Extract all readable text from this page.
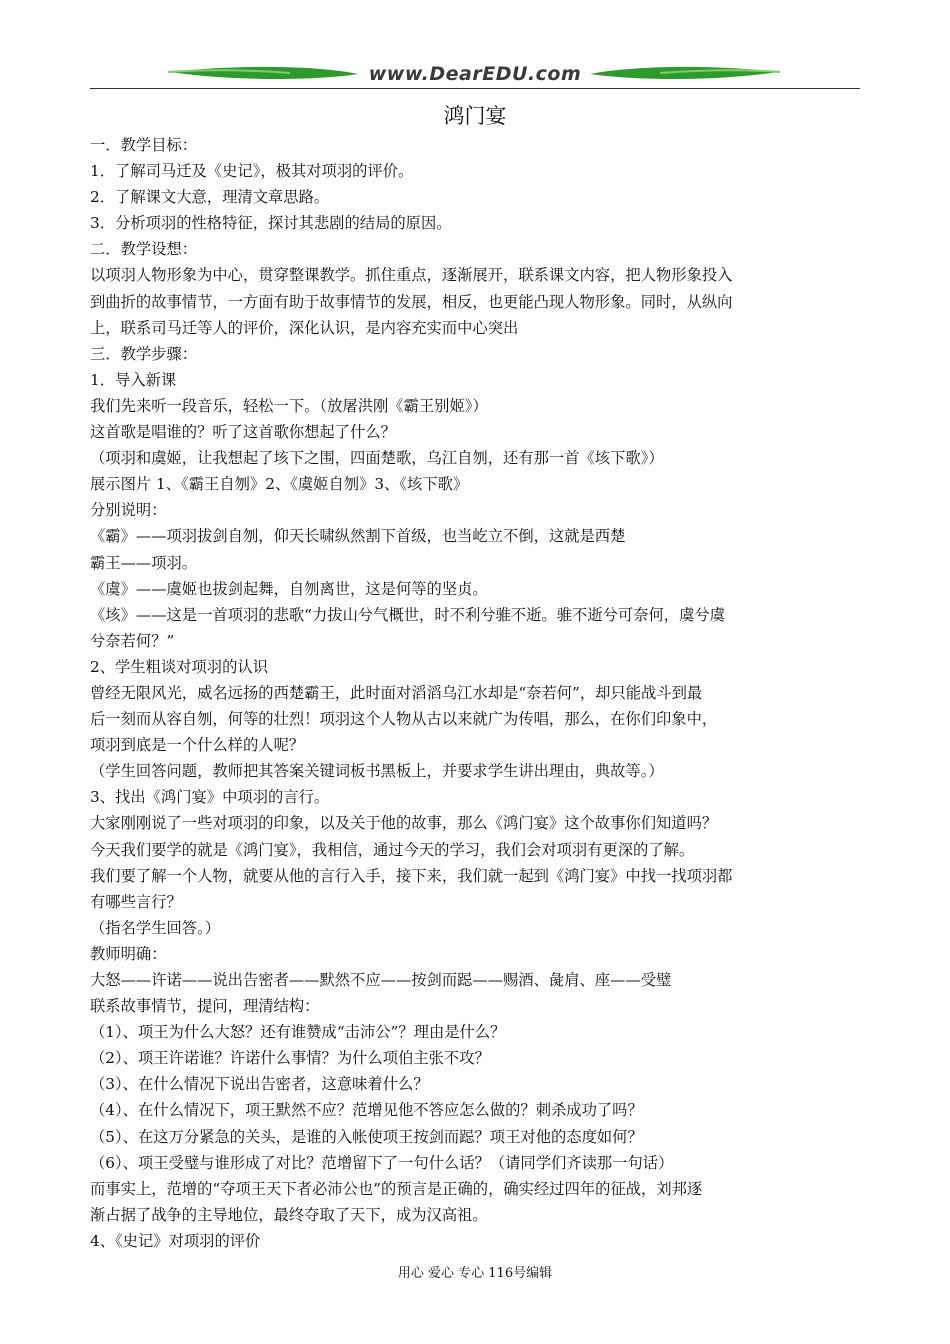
www.DearEDU.com
鸿门宴
一．教学目标：
1．了解司马迁及《史记》，极其对项羽的评价。
2．了解课文大意，理清文章思路。
3．分析项羽的性格特征，探讨其悲剧的结局的原因。
二．教学设想：
以项羽人物形象为中心，贯穿整课教学。抓住重点，逐渐展开，联系课文内容，把人物形象投入
到曲折的故事情节，一方面有助于故事情节的发展，相反，也更能凸现人物形象。同时，从纵向
上，联系司马迁等人的评价，深化认识，是内容充实而中心突出
三．教学步骤：
1．导入新课
我们先来听一段音乐，轻松一下。（放屠洪刚《霸王别姬》）
这首歌是唱谁的？听了这首歌你想起了什么？
（项羽和虞姬，让我想起了垓下之围，四面楚歌，乌江自刎，还有那一首《垓下歌》）
展示图片 1、《霸王自刎》2、《虞姬自刎》3、《垓下歌》
分别说明：
《霸》——项羽拔剑自刎，仰天长啸纵然割下首级，也当屹立不倒，这就是西楚
霸王——项羽。
《虞》——虞姬也拔剑起舞，自刎离世，这是何等的坚贞。
《垓》——这是一首项羽的悲歌“力拔山兮气概世，时不利兮骓不逝。骓不逝兮可奈何，虞兮虞
兮奈若何？”
2、学生粗谈对项羽的认识
曾经无限风光，威名远扬的西楚霸王，此时面对滔滔乌江水却是“奈若何”，却只能战斗到最
后一刻而从容自刎，何等的壮烈！项羽这个人物从古以来就广为传唱，那么，在你们印象中，
项羽到底是一个什么样的人呢？
（学生回答问题，教师把其答案关键词板书黑板上，并要求学生讲出理由，典故等。）
3、找出《鸿门宴》中项羽的言行。
大家刚刚说了一些对项羽的印象，以及关于他的故事，那么《鸿门宴》这个故事你们知道吗？
今天我们要学的就是《鸿门宴》，我相信，通过今天的学习，我们会对项羽有更深的了解。
我们要了解一个人物，就要从他的言行入手，接下来，我们就一起到《鸿门宴》中找一找项羽都
有哪些言行？
（指名学生回答。）
教师明确：
大怒——许诺——说出告密者——默然不应——按剑而跽——赐酒、彘肩、座——受璧
联系故事情节，提问，理清结构：
（1）、项王为什么大怒？还有谁赞成“击沛公”？理由是什么？
（2）、项王许诺谁？许诺什么事情？为什么项伯主张不攻？
（3）、在什么情况下说出告密者，这意味着什么？
（4）、在什么情况下，项王默然不应？范增见他不答应怎么做的？刺杀成功了吗？
（5）、在这万分紧急的关头，是谁的入帐使项王按剑而跽？项王对他的态度如何？
（6）、项王受璧与谁形成了对比？范增留下了一句什么话？（请同学们齐读那一句话）
而事实上，范增的“夺项王天下者必沛公也”的预言是正确的，确实经过四年的征战，刘邦逐
渐占据了战争的主导地位，最终夺取了天下，成为汉高祖。
4、《史记》对项羽的评价
用心 爱心 专心 116号编辑
